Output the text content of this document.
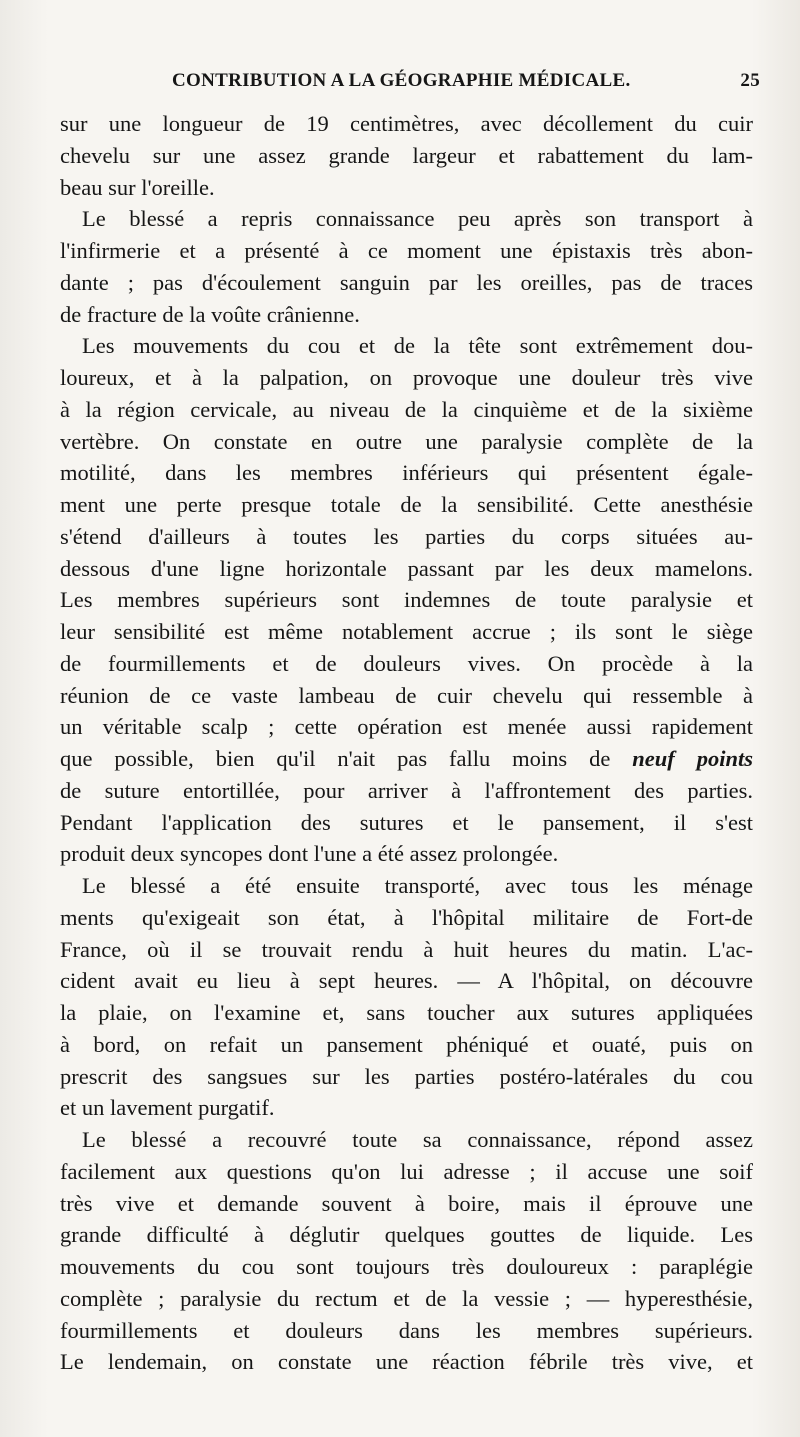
CONTRIBUTION A LA GÉOGRAPHIE MÉDICALE.	25
sur une longueur de 19 centimètres, avec décollement du cuir
chevelu sur une assez grande largeur et rabattement du lam-
beau sur l'oreille.
Le blessé a repris connaissance peu après son transport à
l'infirmerie et a présenté à ce moment une épistaxis très abon-
dante ; pas d'écoulement sanguin par les oreilles, pas de traces
de fracture de la voûte crânienne.
Les mouvements du cou et de la tête sont extrêmement dou-
loureux, et à la palpation, on provoque une douleur très vive
à la région cervicale, au niveau de la cinquième et de la sixième
vertèbre. On constate en outre une paralysie complète de la
motilité, dans les membres inférieurs qui présentent égale-
ment une perte presque totale de la sensibilité. Cette anesthésie
s'étend d'ailleurs à toutes les parties du corps situées au-
dessous d'une ligne horizontale passant par les deux mamelons.
Les membres supérieurs sont indemnes de toute paralysie et
leur sensibilité est même notablement accrue ; ils sont le siège
de fourmillements et de douleurs vives. On procède à la
réunion de ce vaste lambeau de cuir chevelu qui ressemble à
un véritable scalp ; cette opération est menée aussi rapidement
que possible, bien qu'il n'ait pas fallu moins de neuf points
de suture entortillée, pour arriver à l'affrontement des parties.
Pendant l'application des sutures et le pansement, il s'est
produit deux syncopes dont l'une a été assez prolongée.
Le blessé a été ensuite transporté, avec tous les ménage
ments qu'exigeait son état, à l'hôpital militaire de Fort-de
France, où il se trouvait rendu à huit heures du matin. L'ac-
cident avait eu lieu à sept heures. — A l'hôpital, on découvre
la plaie, on l'examine et, sans toucher aux sutures appliquées
à bord, on refait un pansement phéniqué et ouaté, puis on
prescrit des sangsues sur les parties postéro-latérales du cou
et un lavement purgatif.
Le blessé a recouvré toute sa connaissance, répond assez
facilement aux questions qu'on lui adresse ; il accuse une soif
très vive et demande souvent à boire, mais il éprouve une
grande difficulté à déglutir quelques gouttes de liquide. Les
mouvements du cou sont toujours très douloureux : paraplégie
complète ; paralysie du rectum et de la vessie ; — hyperesthésie,
fourmillements et douleurs dans les membres supérieurs.
Le lendemain, on constate une réaction fébrile très vive, et
